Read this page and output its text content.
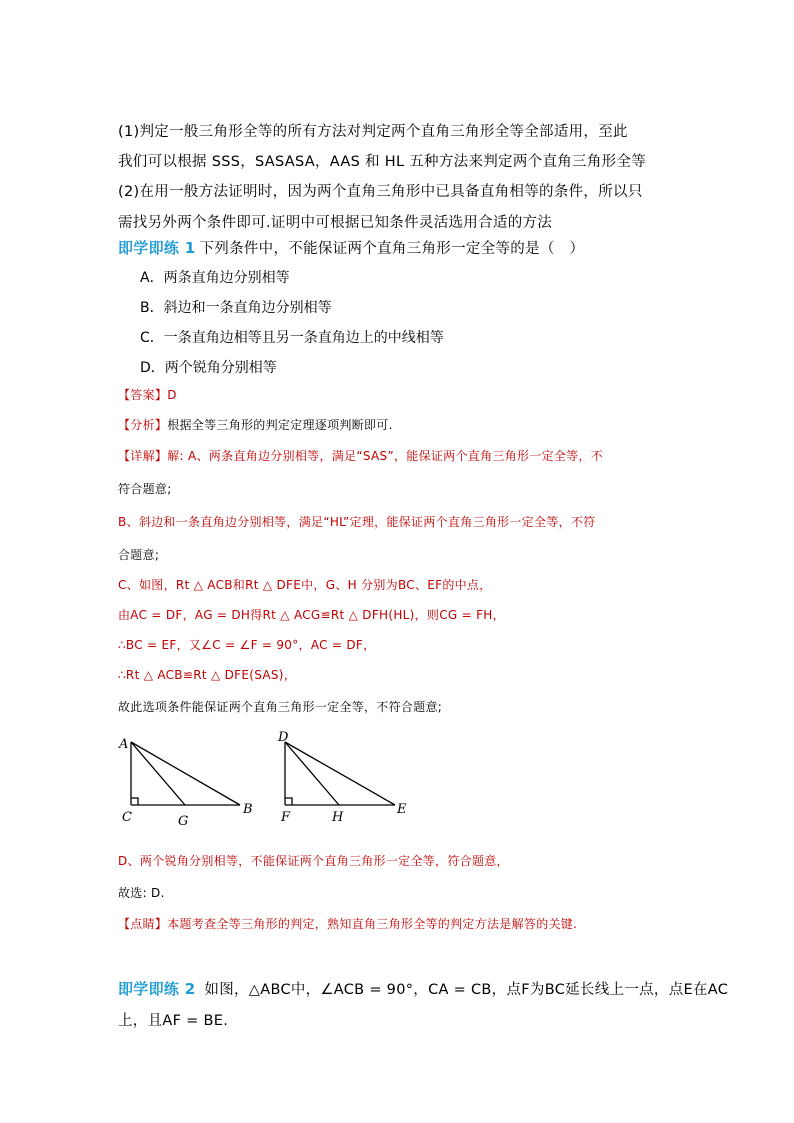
(1)判定一般三角形全等的所有方法对判定两个直角三角形全等全部适用，至此
我们可以根据 SSS，SASASA，AAS 和 HL 五种方法来判定两个直角三角形全等
(2)在用一般方法证明时，因为两个直角三角形中已具备直角相等的条件，所以只
需找另外两个条件即可.证明中可根据已知条件灵活选用合适的方法
即学即练 1 下列条件中，不能保证两个直角三角形一定全等的是（　）
A．两条直角边分别相等
B．斜边和一条直角边分别相等
C．一条直角边相等且另一条直角边上的中线相等
D．两个锐角分别相等
【答案】D
【分析】根据全等三角形的判定定理逐项判断即可.
【详解】解: A、两条直角边分别相等，满足“SAS”，能保证两个直角三角形一定全等，不
符合题意;
B、斜边和一条直角边分别相等，满足“HL”定理，能保证两个直角三角形一定全等，不符
合题意;
C、如图，Rt △ ACB和Rt △ DFE中，G、H 分别为BC、EF的中点，
由AC = DF，AG = DH得Rt △ ACG≌Rt △ DFH(HL)，则CG = FH，
∴BC = EF，又∠C = ∠F = 90°，AC = DF，
∴Rt △ ACB≌Rt △ DFE(SAS)，
故此选项条件能保证两个直角三角形一定全等，不符合题意;
A
C	G
B
D
F	H
E
D、两个锐角分别相等，不能保证两个直角三角形一定全等，符合题意，
故选: D.
【点睛】本题考查全等三角形的判定，熟知直角三角形全等的判定方法是解答的关键.
即学即练 2 如图，△ABC中，∠ACB = 90°，CA = CB，点F为BC延长线上一点，点E在AC
上，且AF = BE.
